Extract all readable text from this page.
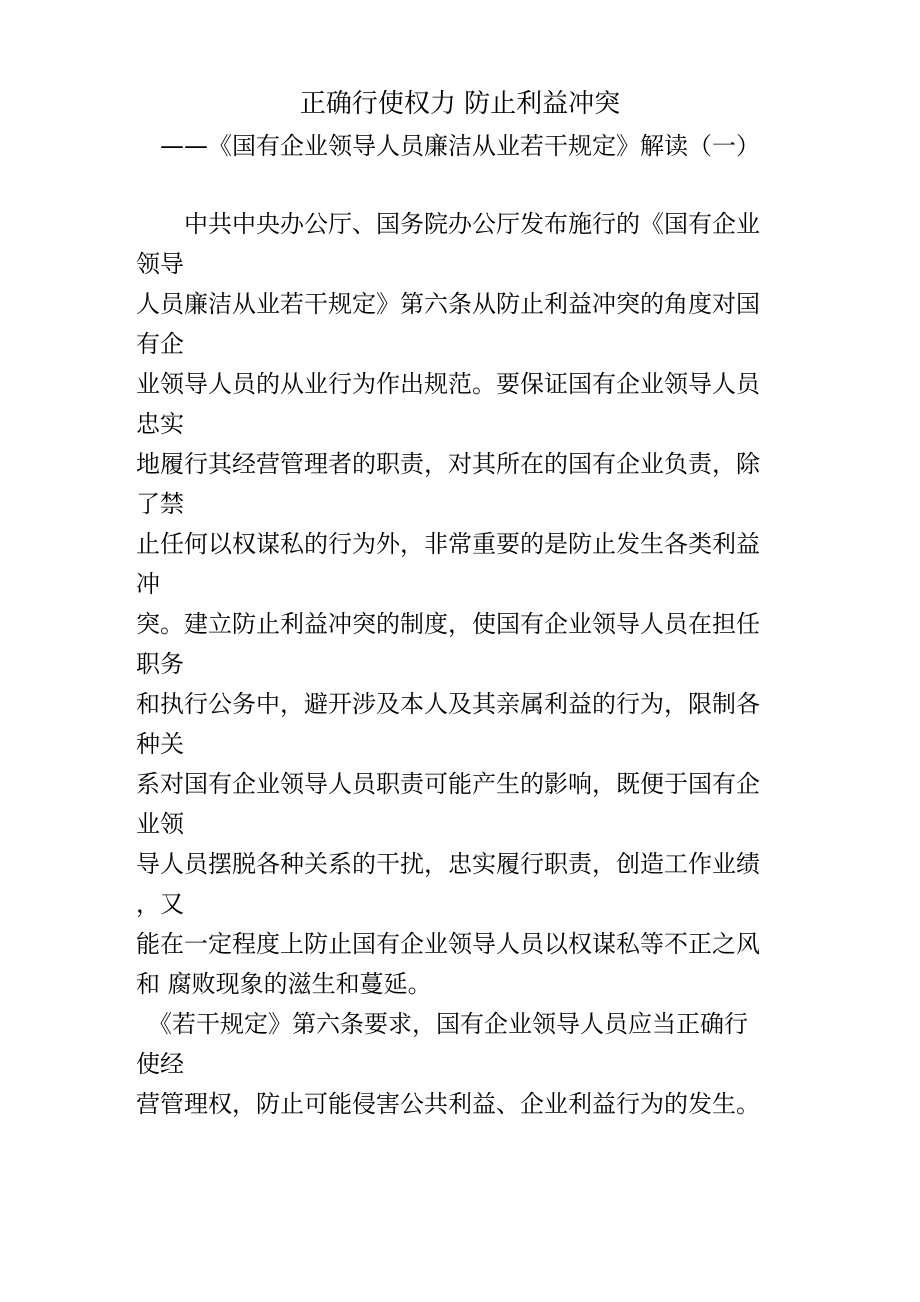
正确行使权力 防止利益冲突
——《国有企业领导人员廉洁从业若干规定》解读（一）
　　中共中央办公厅、国务院办公厅发布施行的《国有企业
领导
人员廉洁从业若干规定》第六条从防止利益冲突的角度对国
有企
业领导人员的从业行为作出规范。要保证国有企业领导人员
忠实
地履行其经营管理者的职责，对其所在的国有企业负责，除
了禁
止任何以权谋私的行为外，非常重要的是防止发生各类利益
冲
突。建立防止利益冲突的制度，使国有企业领导人员在担任
职务
和执行公务中，避开涉及本人及其亲属利益的行为，限制各
种关
系对国有企业领导人员职责可能产生的影响，既便于国有企
业领
导人员摆脱各种关系的干扰，忠实履行职责，创造工作业绩
，又
能在一定程度上防止国有企业领导人员以权谋私等不正之风
和 腐败现象的滋生和蔓延。
　《若干规定》第六条要求，国有企业领导人员应当正确行
使经
营管理权，防止可能侵害公共利益、企业利益行为的发生。
